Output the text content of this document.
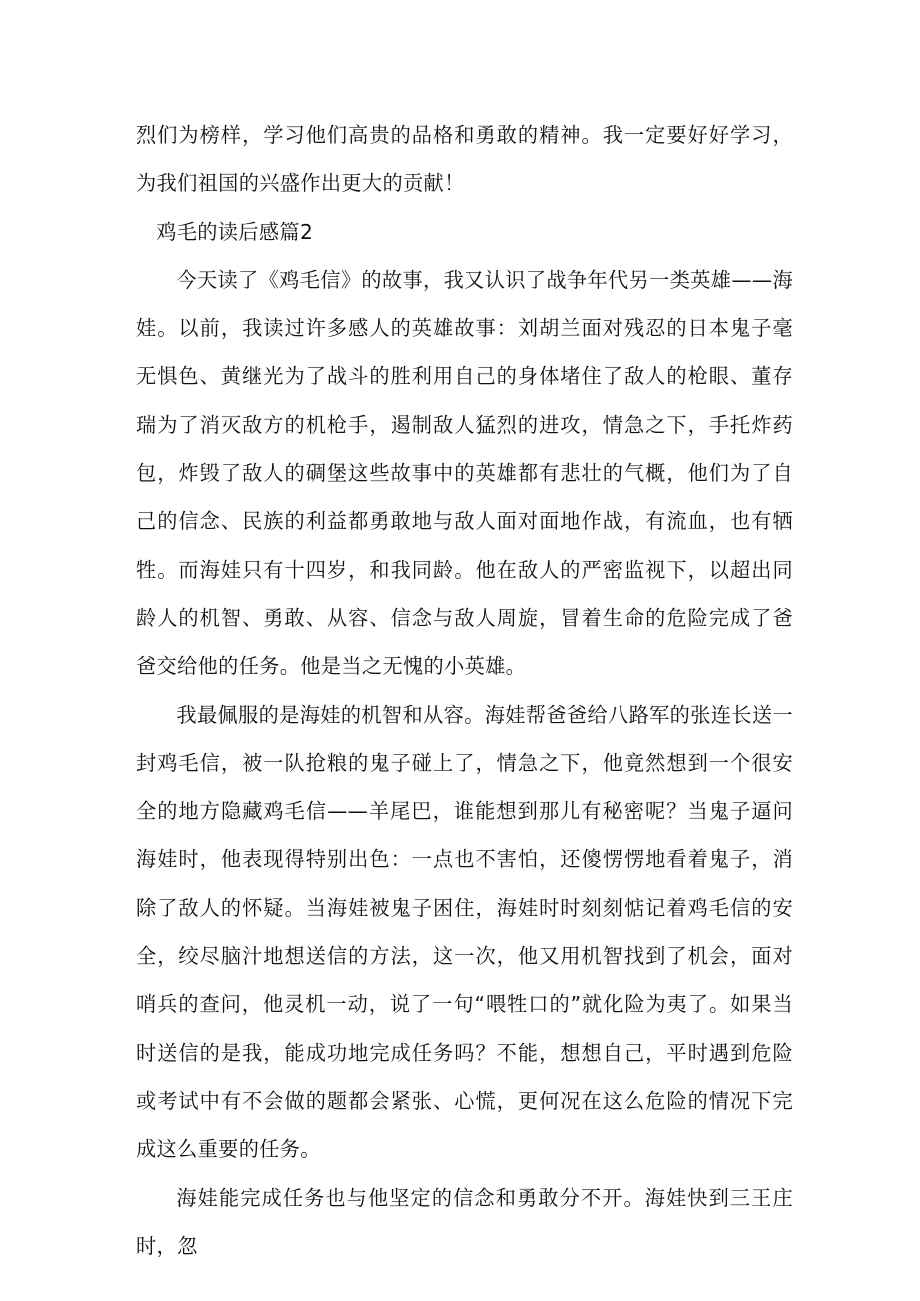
烈们为榜样，学习他们高贵的品格和勇敢的精神。我一定要好好学习，为我们祖国的兴盛作出更大的贡献！

鸡毛的读后感篇2

今天读了《鸡毛信》的故事，我又认识了战争年代另一类英雄——海娃。以前，我读过许多感人的英雄故事：刘胡兰面对残忍的日本鬼子毫无惧色、黄继光为了战斗的胜利用自己的身体堵住了敌人的枪眼、董存瑞为了消灭敌方的机枪手，遏制敌人猛烈的进攻，情急之下，手托炸药包，炸毁了敌人的碉堡这些故事中的英雄都有悲壮的气概，他们为了自己的信念、民族的利益都勇敢地与敌人面对面地作战，有流血，也有牺牲。而海娃只有十四岁，和我同龄。他在敌人的严密监视下，以超出同龄人的机智、勇敢、从容、信念与敌人周旋，冒着生命的危险完成了爸爸交给他的任务。他是当之无愧的小英雄。

我最佩服的是海娃的机智和从容。海娃帮爸爸给八路军的张连长送一封鸡毛信，被一队抢粮的鬼子碰上了，情急之下，他竟然想到一个很安全的地方隐藏鸡毛信——羊尾巴，谁能想到那儿有秘密呢？当鬼子逼问海娃时，他表现得特别出色：一点也不害怕，还傻愣愣地看着鬼子，消除了敌人的怀疑。当海娃被鬼子困住，海娃时时刻刻惦记着鸡毛信的安全，绞尽脑汁地想送信的方法，这一次，他又用机智找到了机会，面对哨兵的查问，他灵机一动，说了一句“喂牲口的”就化险为夷了。如果当时送信的是我，能成功地完成任务吗？不能，想想自己，平时遇到危险或考试中有不会做的题都会紧张、心慌，更何况在这么危险的情况下完成这么重要的任务。

海娃能完成任务也与他坚定的信念和勇敢分不开。海娃快到三王庄时，忽
